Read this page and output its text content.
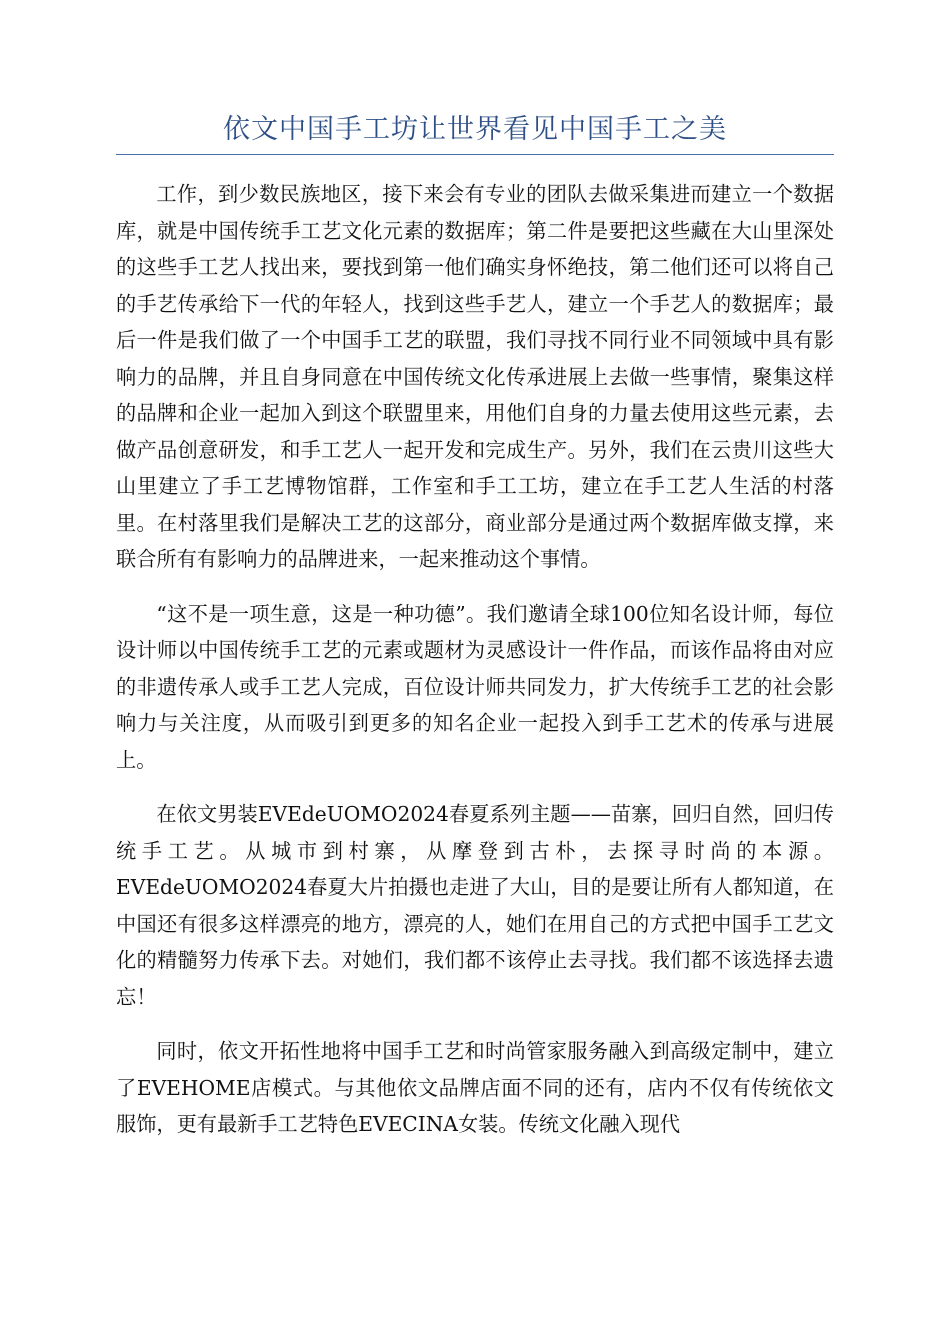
依文中国手工坊让世界看见中国手工之美

工作，到少数民族地区，接下来会有专业的团队去做采集进而建立一个数据库，就是中国传统手工艺文化元素的数据库；第二件是要把这些藏在大山里深处的这些手工艺人找出来，要找到第一他们确实身怀绝技，第二他们还可以将自己的手艺传承给下一代的年轻人，找到这些手艺人，建立一个手艺人的数据库；最后一件是我们做了一个中国手工艺的联盟，我们寻找不同行业不同领域中具有影响力的品牌，并且自身同意在中国传统文化传承进展上去做一些事情，聚集这样的品牌和企业一起加入到这个联盟里来，用他们自身的力量去使用这些元素，去做产品创意研发，和手工艺人一起开发和完成生产。另外，我们在云贵川这些大山里建立了手工艺博物馆群，工作室和手工工坊，建立在手工艺人生活的村落里。在村落里我们是解决工艺的这部分，商业部分是通过两个数据库做支撑，来联合所有有影响力的品牌进来，一起来推动这个事情。

“这不是一项生意，这是一种功德”。我们邀请全球100位知名设计师，每位设计师以中国传统手工艺的元素或题材为灵感设计一件作品，而该作品将由对应的非遗传承人或手工艺人完成，百位设计师共同发力，扩大传统手工艺的社会影响力与关注度，从而吸引到更多的知名企业一起投入到手工艺术的传承与进展上。

在依文男装EVEdeUOMO2024春夏系列主题——苗寨，回归自然，回归传统手工艺。从城市到村寨，从摩登到古朴，去探寻时尚的本源。EVEdeUOMO2024春夏大片拍摄也走进了大山，目的是要让所有人都知道，在中国还有很多这样漂亮的地方，漂亮的人，她们在用自己的方式把中国手工艺文化的精髓努力传承下去。对她们，我们都不该停止去寻找。我们都不该选择去遗忘！

同时，依文开拓性地将中国手工艺和时尚管家服务融入到高级定制中，建立了EVEHOME店模式。与其他依文品牌店面不同的还有，店内不仅有传统依文服饰，更有最新手工艺特色EVECINA女装。传统文化融入现代
